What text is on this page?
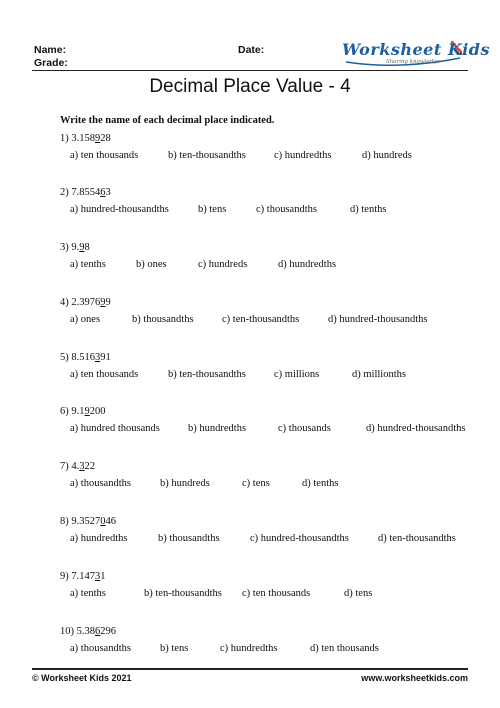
Name:
Grade:
Date:	Worksheet Kids
Sharing knowledge
Decimal Place Value - 4
Write the name of each decimal place indicated.
1) 3.158928
a) ten thousands	b) ten-thousandths	c) hundredths	d) hundreds
2) 7.855463
a) hundred-thousandths	b) tens	c) thousandths	d) tenths
3) 9.98
a) tenths	b) ones	c) hundreds	d) hundredths
4) 2.397699
a) ones	b) thousandths	c) ten-thousandths	d) hundred-thousandths
5) 8.516391
a) ten thousands	b) ten-thousandths	c) millions	d) millionths
6) 9.19200
a) hundred thousands	b) hundredths	c) thousands	d) hundred-thousandths
7) 4.322
a) thousandths	b) hundreds	c) tens	d) tenths
8) 9.3527046
a) hundredths	b) thousandths	c) hundred-thousandths	d) ten-thousandths
9) 7.14731
a) tenths	b) ten-thousandths c) ten thousands	d) tens
10) 5.386296
a) thousandths	b) tens	c) hundredths	d) ten thousands
© Worksheet Kids 2021	www.worksheetkids.com
